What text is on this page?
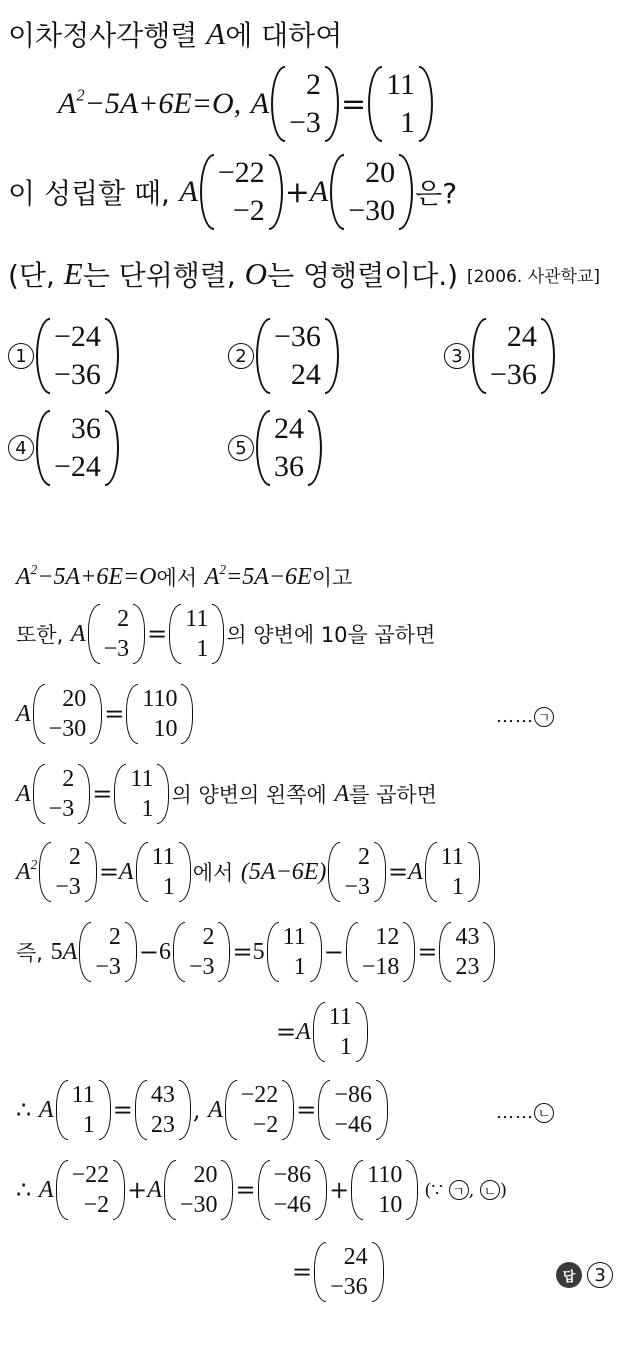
이차정사각행렬
A 에 대하여
$A^2-5A+6E=O$,
A
2
−3
=
11
1
이 성립할 때,
A
−22
−2
+ A
20
−30
은?
(단,
E 는 단위행렬,
O 는 영행렬이다.)
[2006. 사관학교]
1
−24
−36
2
−36
24
3
24
−36
4
36
−24
5
24
36
$A^2-5A+6E=O$ 에서
$A^2=5A-6E$ 이고
또한,
A
2
−3
=
11
1
의 양변에 10을 곱하면
A
20
−30
=
110
10	…… ㄱ
A
2
−3
=
11
1
의 양변의 왼쪽에
A 를 곱하면
$A^2$ 2
−3
= A
11
1
에서
(5A−6E)
2
−3
= A
11
1
즉,
5 A
2
−3
− 6
2
−3
= 5
11
1
−
12
−18
=
43
23
= A
11
1
∴
A
11
1
=
43
23
, A
−22
−2
=
−86
−46	…… ㄴ
∴
A
−22
−2
+ A
20
−30
=
−86
−46
+
110
10
(∵ ㄱ , ㄴ )
=
24
−36	답
	3
